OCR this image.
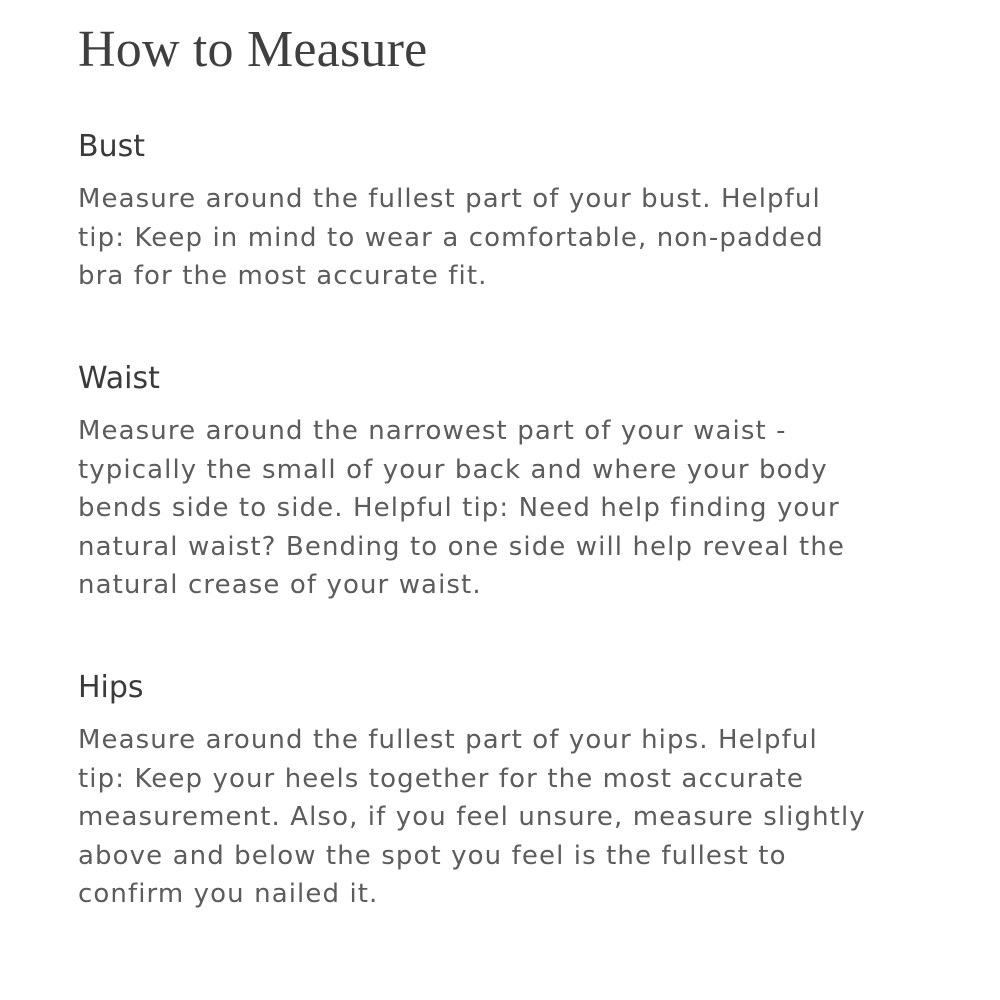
How to Measure
Bust

Measure around the fullest part of your bust. Helpful
tip: Keep in mind to wear a comfortable, non-padded
bra for the most accurate fit.

Waist

Measure around the narrowest part of your waist -
typically the small of your back and where your body
bends side to side. Helpful tip: Need help finding your
natural waist? Bending to one side will help reveal the
natural crease of your waist.

Hips

Measure around the fullest part of your hips. Helpful
tip: Keep your heels together for the most accurate
measurement. Also, if you feel unsure, measure slightly
above and below the spot you feel is the fullest to
confirm you nailed it.
